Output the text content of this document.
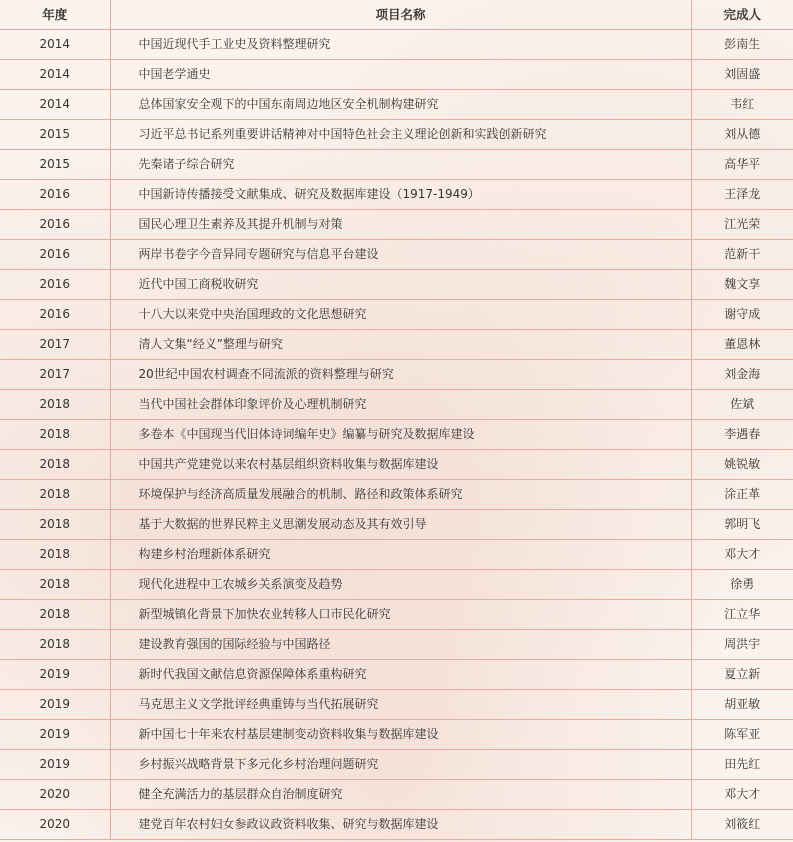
年度	项目名称	完成人
2014	中国近现代手工业史及资料整理研究	彭南生
2014	中国老学通史	刘固盛
2014	总体国家安全观下的中国东南周边地区安全机制构建研究	韦红
2015	习近平总书记系列重要讲话精神对中国特色社会主义理论创新和实践创新研究	刘从德
2015	先秦诸子综合研究	高华平
2016	中国新诗传播接受文献集成、研究及数据库建设（1917-1949）	王泽龙
2016	国民心理卫生素养及其提升机制与对策	江光荣
2016	两岸书卷字今音异同专题研究与信息平台建设	范新干
2016	近代中国工商税收研究	魏文享
2016	十八大以来党中央治国理政的文化思想研究	谢守成
2017	清人文集“经义”整理与研究	董恩林
2017	20世纪中国农村调查不同流派的资料整理与研究	刘金海
2018	当代中国社会群体印象评价及心理机制研究	佐斌
2018	多卷本《中国现当代旧体诗词编年史》编纂与研究及数据库建设	李遇春
2018	中国共产党建党以来农村基层组织资料收集与数据库建设	姚锐敏
2018	环境保护与经济高质量发展融合的机制、路径和政策体系研究	涂正革
2018	基于大数据的世界民粹主义思潮发展动态及其有效引导	郭明飞
2018	构建乡村治理新体系研究	邓大才
2018	现代化进程中工农城乡关系演变及趋势	徐勇
2018	新型城镇化背景下加快农业转移人口市民化研究	江立华
2018	建设教育强国的国际经验与中国路径	周洪宇
2019	新时代我国文献信息资源保障体系重构研究	夏立新
2019	马克思主义文学批评经典重铸与当代拓展研究	胡亚敏
2019	新中国七十年来农村基层建制变动资料收集与数据库建设	陈军亚
2019	乡村振兴战略背景下多元化乡村治理问题研究	田先红
2020	健全充满活力的基层群众自治制度研究	邓大才
2020	建党百年农村妇女参政议政资料收集、研究与数据库建设	刘筱红
